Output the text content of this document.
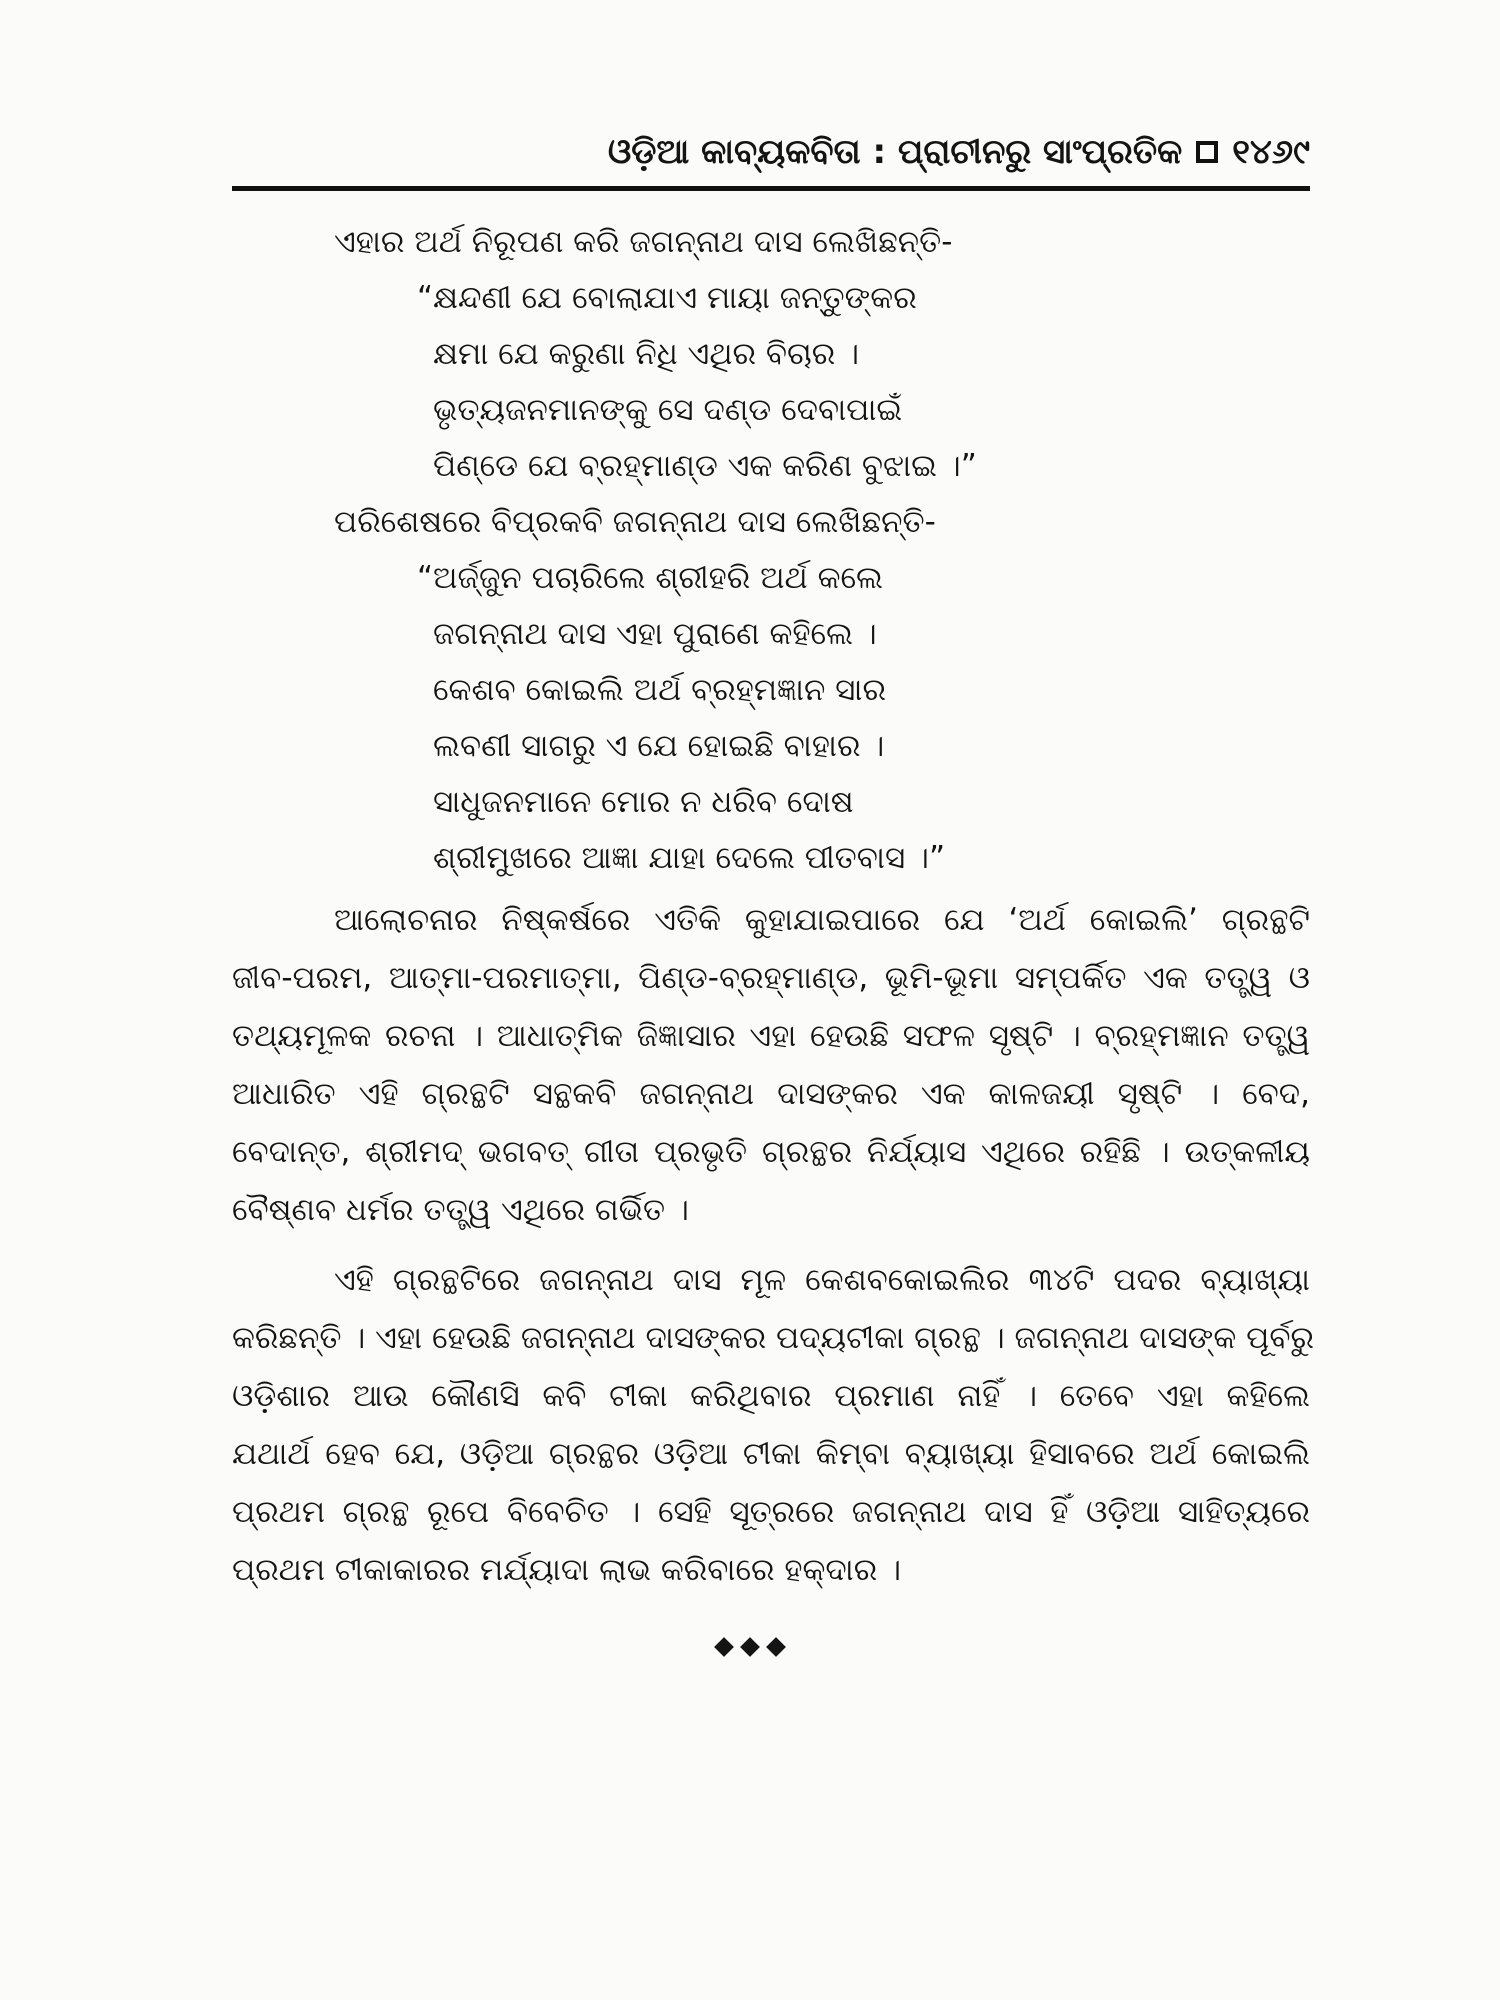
ଓଡ଼ିଆ କାବ୍ୟକବିତା : ପ୍ରାଚୀନରୁ ସାଂପ୍ରତିକ ୧୪୬୯
ଏହାର ଅର୍ଥ ନିରୂପଣ କରି ଜଗନ୍ନାଥ ଦାସ ଲେଖିଛନ୍ତି-
“କ୍ଷନ୍ଦଣୀ ଯେ ବୋଲାଯାଏ ମାୟା ଜନ୍ତୁଙ୍କର
କ୍ଷମା ଯେ କରୁଣା ନିଧି ଏଥିର ବିଚାର ।
ଭୃତ୍ୟଜନମାନଙ୍କୁ ସେ ଦଣ୍ଡ ଦେବାପାଇଁ
ପିଣ୍ଡେ ଯେ ବ୍ରହ୍ମାଣ୍ଡ ଏକ କରିଣ ବୁଝାଇ ।”
ପରିଶେଷରେ ବିପ୍ରକବି ଜଗନ୍ନାଥ ଦାସ ଲେଖିଛନ୍ତି-
“ଅର୍ଜ୍ଜୁନ ପଚାରିଲେ ଶ୍ରୀହରି ଅର୍ଥ କଲେ
ଜଗନ୍ନାଥ ଦାସ ଏହା ପୁରାଣେ କହିଲେ ।
କେଶବ କୋଇଲି ଅର୍ଥ ବ୍ରହ୍ମଜ୍ଞାନ ସାର
ଲବଣୀ ସାଗରୁ ଏ ଯେ ହୋଇଛି ବାହାର ।
ସାଧୁଜନମାନେ ମୋର ନ ଧରିବ ଦୋଷ
ଶ୍ରୀମୁଖରେ ଆଜ୍ଞା ଯାହା ଦେଲେ ପୀତବାସ ।”
ଆଲୋଚନାର ନିଷ୍କର୍ଷରେ ଏତିକି କୁହାଯାଇପାରେ ଯେ ‘ଅର୍ଥ କୋଇଲି’ ଗ୍ରନ୍ଥଟି
ଜୀବ-ପରମ, ଆତ୍ମା-ପରମାତ୍ମା, ପିଣ୍ଡ-ବ୍ରହ୍ମାଣ୍ଡ, ଭୂମି-ଭୂମା ସମ୍ପର୍କିତ ଏକ ତତ୍ତ୍ୱ ଓ
ତଥ୍ୟମୂଳକ ରଚନା । ଆଧାତ୍ମିକ ଜିଜ୍ଞାସାର ଏହା ହେଉଛି ସଫଳ ସୃଷ୍ଟି । ବ୍ରହ୍ମଜ୍ଞାନ ତତ୍ତ୍ୱ
ଆଧାରିତ ଏହି ଗ୍ରନ୍ଥଟି ସନ୍ଥକବି ଜଗନ୍ନାଥ ଦାସଙ୍କର ଏକ କାଳଜୟୀ ସୃଷ୍ଟି । ବେଦ,
ବେଦାନ୍ତ, ଶ୍ରୀମଦ୍ ଭଗବତ୍ ଗୀତା ପ୍ରଭୃତି ଗ୍ରନ୍ଥର ନିର୍ଯ୍ୟାସ ଏଥିରେ ରହିଛି । ଉତ୍କଳୀୟ
ବୈଷ୍ଣବ ଧର୍ମର ତତ୍ତ୍ୱ ଏଥିରେ ଗର୍ଭିତ ।
ଏହି ଗ୍ରନ୍ଥଟିରେ ଜଗନ୍ନାଥ ଦାସ ମୂଳ କେଶବକୋଇଲିର ୩୪ଟି ପଦର ବ୍ୟାଖ୍ୟା
କରିଛନ୍ତି । ଏହା ହେଉଛି ଜଗନ୍ନାଥ ଦାସଙ୍କର ପଦ୍ୟଟୀକା ଗ୍ରନ୍ଥ । ଜଗନ୍ନାଥ ଦାସଙ୍କ ପୂର୍ବରୁ
ଓଡ଼ିଶାର ଆଉ କୌଣସି କବି ଟୀକା କରିଥିବାର ପ୍ରମାଣ ନାହିଁ । ତେବେ ଏହା କହିଲେ
ଯଥାର୍ଥ ହେବ ଯେ, ଓଡ଼ିଆ ଗ୍ରନ୍ଥର ଓଡ଼ିଆ ଟୀକା କିମ୍ବା ବ୍ୟାଖ୍ୟା ହିସାବରେ ଅର୍ଥ କୋଇଲି
ପ୍ରଥମ ଗ୍ରନ୍ଥ ରୂପେ ବିବେଚିତ । ସେହି ସୂତ୍ରରେ ଜଗନ୍ନାଥ ଦାସ ହିଁ ଓଡ଼ିଆ ସାହିତ୍ୟରେ
ପ୍ରଥମ ଟୀକାକାରର ମର୍ଯ୍ୟାଦା ଲାଭ କରିବାରେ ହକ୍‌ଦାର ।
